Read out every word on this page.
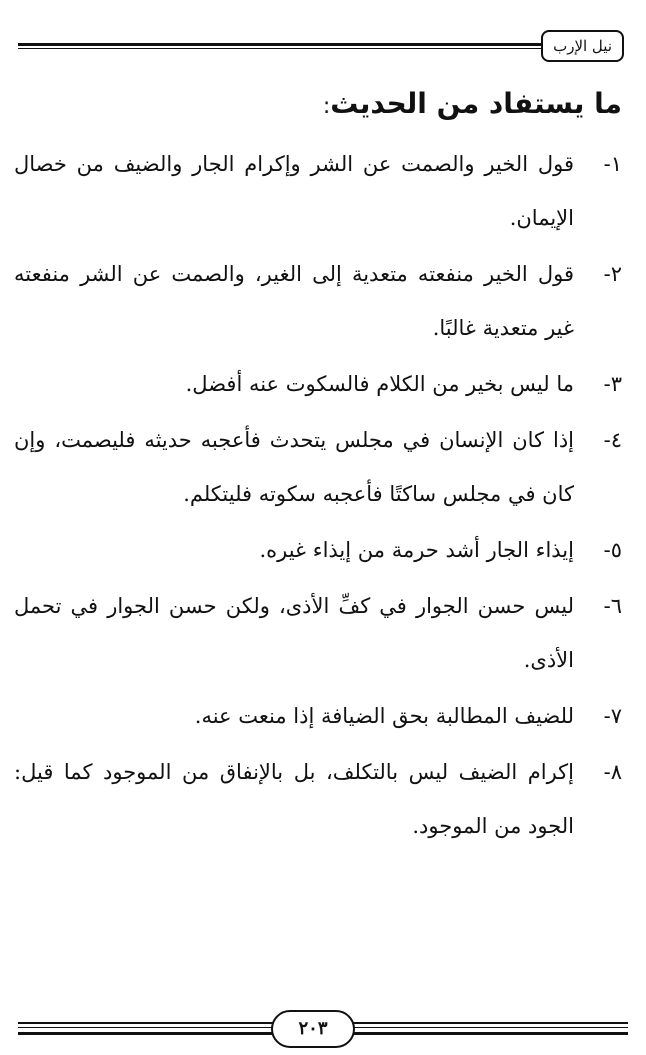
نيل الإرب
ما يستفاد من الحديث:
١-
قول الخير والصمت عن الشر وإكرام الجار والضيف من خصال الإيمان.
٢-
قول الخير منفعته متعدية إلى الغير، والصمت عن الشر منفعته غير متعدية غالبًا.
٣-
ما ليس بخير من الكلام فالسكوت عنه أفضل.
٤-
إذا كان الإنسان في مجلس يتحدث فأعجبه حديثه فليصمت، وإن كان في مجلس ساكتًا فأعجبه سكوته فليتكلم.
٥-
إيذاء الجار أشد حرمة من إيذاء غيره.
٦-
ليس حسن الجوار في كفِّ الأذى، ولكن حسن الجوار في تحمل الأذى.
٧-
للضيف المطالبة بحق الضيافة إذا منعت عنه.
٨-
إكرام الضيف ليس بالتكلف، بل بالإنفاق من الموجود كما قيل: الجود من الموجود.
٢٠٣
